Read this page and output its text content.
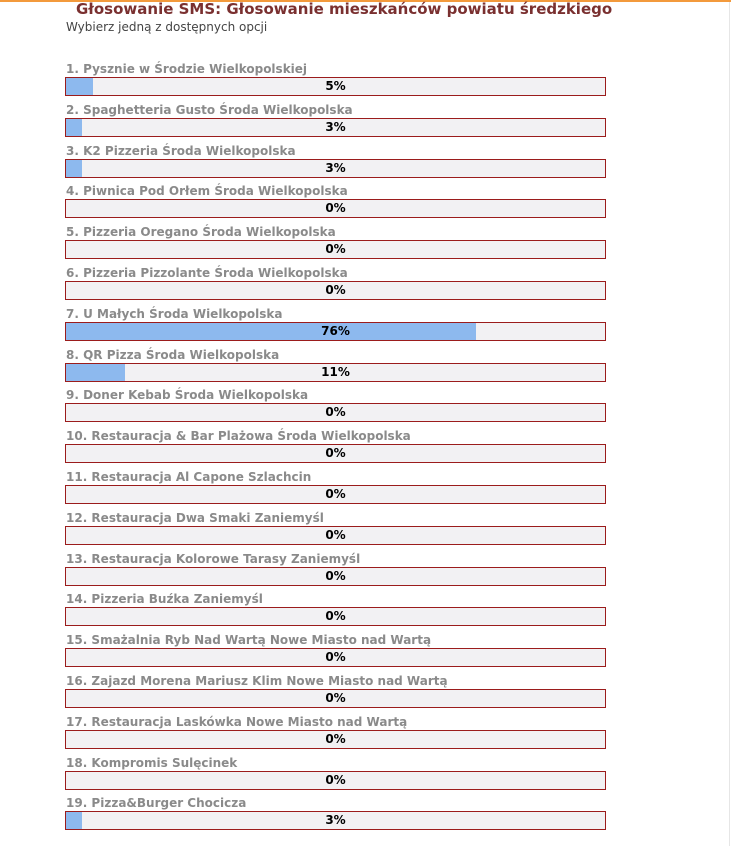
Głosowanie SMS: Głosowanie mieszkańców powiatu średzkiego
Wybierz jedną z dostępnych opcji
1. Pysznie w Środzie Wielkopolskiej
5%
2. Spaghetteria Gusto Środa Wielkopolska
3%
3. K2 Pizzeria Środa Wielkopolska
3%
4. Piwnica Pod Orłem Środa Wielkopolska
0%
5. Pizzeria Oregano Środa Wielkopolska
0%
6. Pizzeria Pizzolante Środa Wielkopolska
0%
7. U Małych Środa Wielkopolska
76%
8. QR Pizza Środa Wielkopolska
11%
9. Doner Kebab Środa Wielkopolska
0%
10. Restauracja & Bar Plażowa Środa Wielkopolska
0%
11. Restauracja Al Capone Szlachcin
0%
12. Restauracja Dwa Smaki Zaniemyśl
0%
13. Restauracja Kolorowe Tarasy Zaniemyśl
0%
14. Pizzeria Buźka Zaniemyśl
0%
15. Smażalnia Ryb Nad Wartą Nowe Miasto nad Wartą
0%
16. Zajazd Morena Mariusz Klim Nowe Miasto nad Wartą
0%
17. Restauracja Laskówka Nowe Miasto nad Wartą
0%
18. Kompromis Sulęcinek
0%
19. Pizza&Burger Chocicza
3%
